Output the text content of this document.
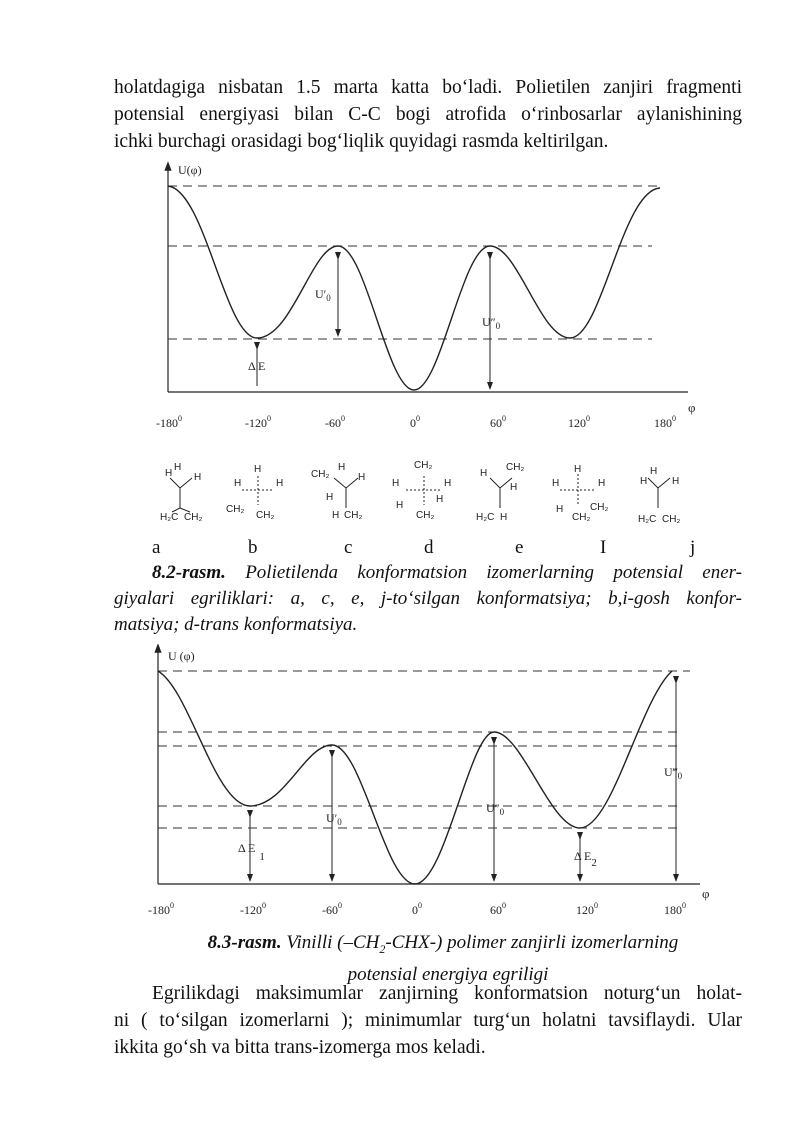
holatdagiga nisbatan 1.5 marta katta bo‘ladi. Polietilen zanjiri fragmenti
potensial energiyasi bilan C-C bogi atrofida o‘rinbosarlar aylanishining
ichki burchagi orasidagi bog‘liqlik quyidagi rasmda keltirilgan.
U(φ)
φ
$U'_0$
$U''_0$
Δ E
$-180^0$	$-120^0$	$-60^0$	$0^0$	$60^0$	$120^0$	$180^0$
H
H
H
H₂C CH₂
H
CH₂
H	H
CH₂
CH₂
H
H
H
H CH₂
CH₂
H	H
H
H
CH₂
H
CH₂
H
H₂C H
H
H	H
H	CH₂
CH₂
H
H
H
H₂C CH₂
a	b	c	d	e	I	j
8.2-rasm. Polietilenda konformatsion izomerlarning potensial ener-
giyalari egriliklari: a, c, e, j-to‘silgan konformatsiya; b,i-gosh konfor-
matsiya; d-trans konformatsiya.
U (φ)
φ
$U'_0$
$U''_0$
$U‴_0$
Δ E1	Δ E2
$-180^0$	$-120^0$	$-60^0$	$0^0$	$60^0$	$120^0$	$180^0$
8.3-rasm. Vinilli $(-CH_2-CHX-)$ polimer zanjirli izomerlarning
potensial energiya egriligi
Egrilikdagi maksimumlar zanjirning konformatsion noturg‘un holat-
ni ( to‘silgan izomerlarni ); minimumlar turg‘un holatni tavsiflaydi. Ular
ikkita go‘sh va bitta trans-izomerga mos keladi.
